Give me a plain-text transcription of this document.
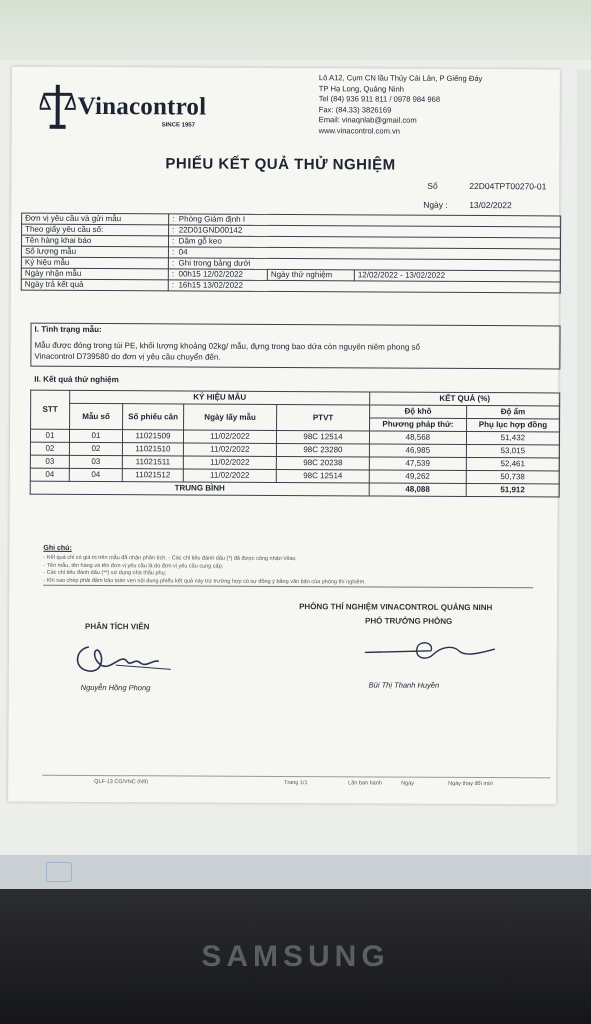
Vinacontrol
SINCE 1957
Lô A12, Cụm CN lầu Thủy Cái Lân, P Giếng Đáy
TP Hạ Long, Quảng Ninh
Tel (84) 936 911 811 / 0978 984 968
Fax: (84.33) 3826169
Email: vinaqnlab@gmail.com
www.vinacontrol.com.vn
PHIẾU KẾT QUẢ THỬ NGHIỆM
Số	22D04TPT00270-01
Ngày :	13/02/2022
Đơn vị yêu cầu và gửi mẫu	:  Phòng Giám định I		
Theo giấy yêu cầu số:	:  22D01GND00142		
Tên hàng khai báo	:  Dăm gỗ keo		
Số lượng mẫu	:  04		
Ký hiệu mẫu	:  Ghi trong bảng dưới		
Ngày nhận mẫu	:  00h15 12/02/2022	Ngày thử nghiệm	12/02/2022 - 13/02/2022
Ngày trả kết quả	:  16h15 13/02/2022		
I. Tình trạng mẫu:
Mẫu được đóng trong túi PE, khối lượng khoảng 02kg/ mẫu, đựng trong bao dứa còn nguyên niêm phong số
Vinacontrol D739580 do đơn vị yêu cầu chuyển đến.
II. Kết quả thử nghiệm
STT	KÝ HIỆU MẪU				KẾT QUẢ (%)	
	Mẫu số	Số phiếu cân	Ngày lấy mẫu	PTVT	Độ khô	Độ ẩm
					Phương pháp thử:	Phụ lục hợp đồng
01	01	11021509	11/02/2022	98C 12514	48,568	51,432
02	02	11021510	11/02/2022	98C 23280	46,985	53,015
03	03	11021511	11/02/2022	98C 20238	47,539	52,461
04	04	11021512	11/02/2022	98C 12514	49,262	50,738
TRUNG BÌNH					48,088	51,912
Ghi chú:
- Kết quả chỉ có giá trị trên mẫu đã nhận phân tích. - Các chỉ tiêu đánh dấu (*) đã được công nhận Vilas;
- Tên mẫu, tên hàng và tên đơn vị yêu cầu là do đơn vị yêu cầu cung cấp;
- Các chỉ tiêu đánh dấu (**) sử dụng nhà thầu phụ;
- Khi sao chép phải đảm bảo toàn vẹn nội dung phiếu kết quả này trừ trường hợp có sự đồng ý bằng văn bản của phòng thí nghiệm.
PHÂN TÍCH VIÊN
Nguyễn Hồng Phong
PHÒNG THÍ NGHIỆM VINACONTROL QUẢNG NINH
PHÓ TRƯỞNG PHÒNG
Bùi Thị Thanh Huyền
QLF-13 CG/VNC (N9)	Trang 1/1	Lần ban hành	Ngày	Ngày thay đổi mới
SAMSUNG
